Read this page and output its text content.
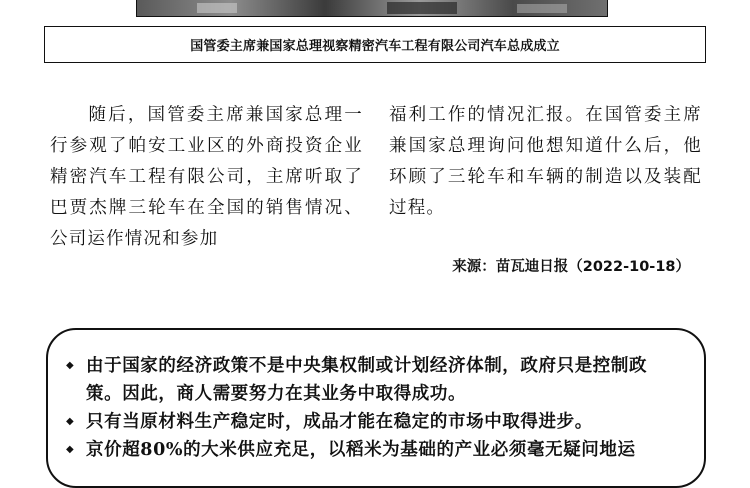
国管委主席兼国家总理视察精密汽车工程有限公司汽车总成成立

随后，国管委主席兼国家总理一行参观了帕安工业区的外商投资企业精密汽车工程有限公司，主席听取了巴贾杰牌三轮车在全国的销售情况、公司运作情况和参加

福利工作的情况汇报。在国管委主席兼国家总理询问他想知道什么后，他环顾了三轮车和车辆的制造以及装配过程。

来源：苗瓦迪日报（2022-10-18）
◆ 由于国家的经济政策不是中央集权制或计划经济体制，政府只是控制政策。因此，商人需要努力在其业务中取得成功。
◆ 只有当原材料生产稳定时，成品才能在稳定的市场中取得进步。
◆ 京价超80%的大米供应充足，以稻米为基础的产业必须毫无疑问地运
